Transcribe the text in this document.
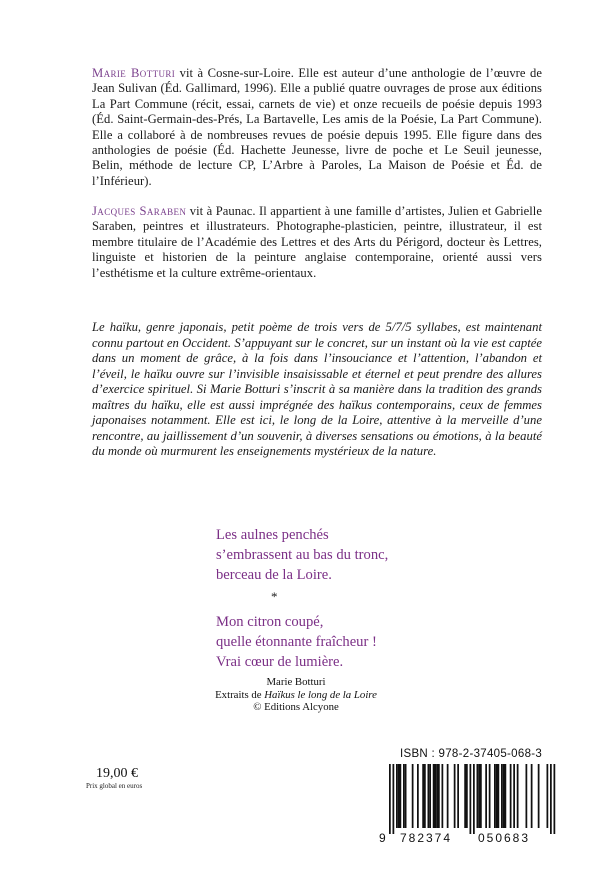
Marie Botturi vit à Cosne-sur-Loire. Elle est auteur d’une anthologie de l’œuvre de Jean Sulivan (Éd. Gallimard, 1996). Elle a publié quatre ouvrages de prose aux éditions La Part Commune (récit, essai, carnets de vie) et onze recueils de poésie depuis 1993 (Éd. Saint-Germain-des-Prés, La Bartavelle, Les amis de la Poésie, La Part Commune). Elle a collaboré à de nombreuses revues de poésie depuis 1995. Elle figure dans des anthologies de poésie (Éd. Hachette Jeunesse, livre de poche et Le Seuil jeunesse, Belin, méthode de lecture CP, L’Arbre à Paroles, La Maison de Poésie et Éd. de l’Inférieur).

Jacques Saraben vit à Paunac. Il appartient à une famille d’artistes, Julien et Gabrielle Saraben, peintres et illustrateurs. Photographe-plasticien, peintre, illustrateur, il est membre titulaire de l’Académie des Lettres et des Arts du Périgord, docteur ès Lettres, linguiste et historien de la peinture anglaise contemporaine, orienté aussi vers l’esthétisme et la culture extrême-orientaux.

Le haïku, genre japonais, petit poème de trois vers de 5/7/5 syllabes, est maintenant connu partout en Occident. S’appuyant sur le concret, sur un instant où la vie est captée dans un moment de grâce, à la fois dans l’insouciance et l’attention, l’abandon et l’éveil, le haïku ouvre sur l’invisible insaisissable et éternel et peut prendre des allures d’exercice spirituel. Si Marie Botturi s’inscrit à sa manière dans la tradition des grands maîtres du haïku, elle est aussi imprégnée des haïkus contemporains, ceux de femmes japonaises notamment. Elle est ici, le long de la Loire, attentive à la merveille d’une rencontre, au jaillissement d’un souvenir, à diverses sensations ou émotions, à la beauté du monde où murmurent les enseignements mystérieux de la nature.

Les aulnes penchés
s’embrassent au bas du tronc,
berceau de la Loire.
*
Mon citron coupé,
quelle étonnante fraîcheur !
Vrai cœur de lumière.
Marie Botturi
Extraits de Haïkus le long de la Loire
© Editions Alcyone
19,00 €
Prix global en euros
ISBN : 978-2-37405-068-3
9 782374 050683
